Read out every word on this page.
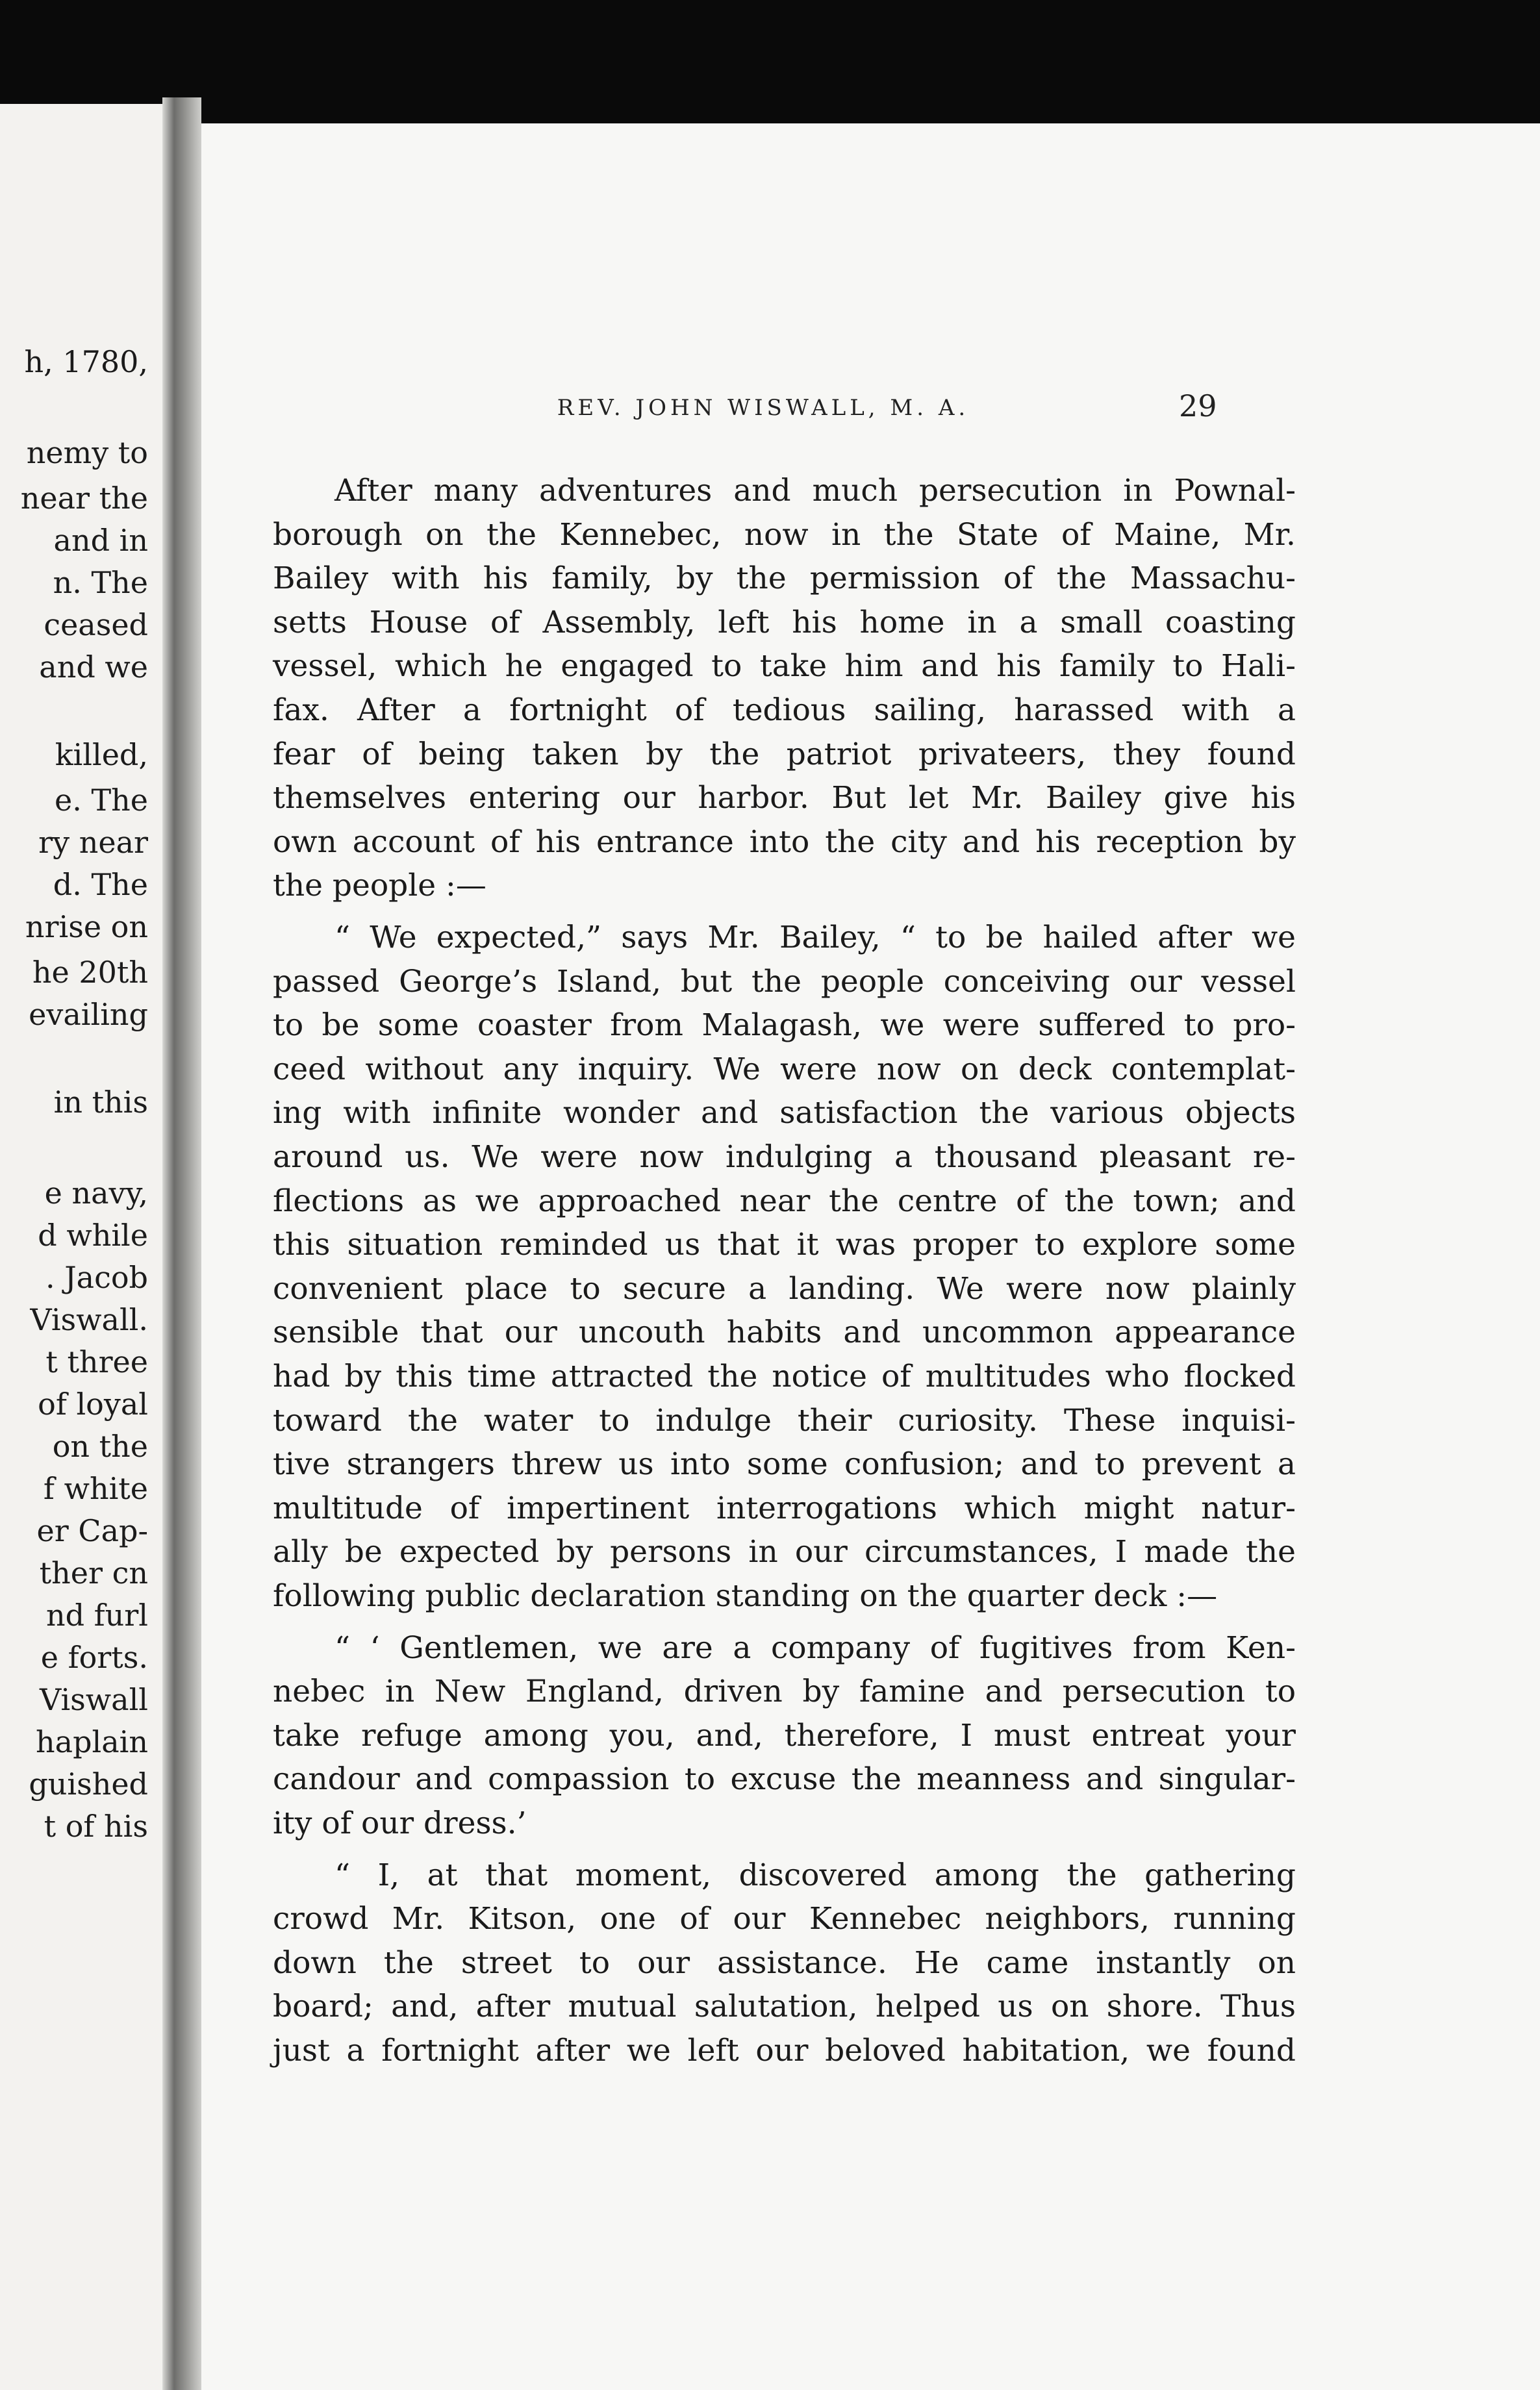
h, 1780,
nemy to
near the
and in
n. The
ceased
and we
killed,
e. The
ry near
d. The
nrise on
he 20th
evailing
in this
e navy,
d while
. Jacob
Viswall.
t three
of loyal
on the
f white
er Cap-
ther cn
nd furl
e forts.
Viswall
haplain
guished
t of his
REV. JOHN WISWALL, M. A.	29
After many adventures and much persecution in Pownal-
borough on the Kennebec, now in the State of Maine, Mr.
Bailey with his family, by the permission of the Massachu-
setts House of Assembly, left his home in a small coasting
vessel, which he engaged to take him and his family to Hali-
fax. After a fortnight of tedious sailing, harassed with a
fear of being taken by the patriot privateers, they found
themselves entering our harbor. But let Mr. Bailey give his
own account of his entrance into the city and his reception by
the people :—
“ We expected,” says Mr. Bailey, “ to be hailed after we
passed George’s Island, but the people conceiving our vessel
to be some coaster from Malagash, we were suffered to pro-
ceed without any inquiry. We were now on deck contemplat-
ing with infinite wonder and satisfaction the various objects
around us. We were now indulging a thousand pleasant re-
flections as we approached near the centre of the town; and
this situation reminded us that it was proper to explore some
convenient place to secure a landing. We were now plainly
sensible that our uncouth habits and uncommon appearance
had by this time attracted the notice of multitudes who flocked
toward the water to indulge their curiosity. These inquisi-
tive strangers threw us into some confusion; and to prevent a
multitude of impertinent interrogations which might natur-
ally be expected by persons in our circumstances, I made the
following public declaration standing on the quarter deck :—
“ ‘ Gentlemen, we are a company of fugitives from Ken-
nebec in New England, driven by famine and persecution to
take refuge among you, and, therefore, I must entreat your
candour and compassion to excuse the meanness and singular-
ity of our dress.’
“ I, at that moment, discovered among the gathering
crowd Mr. Kitson, one of our Kennebec neighbors, running
down the street to our assistance. He came instantly on
board; and, after mutual salutation, helped us on shore. Thus
just a fortnight after we left our beloved habitation, we found
